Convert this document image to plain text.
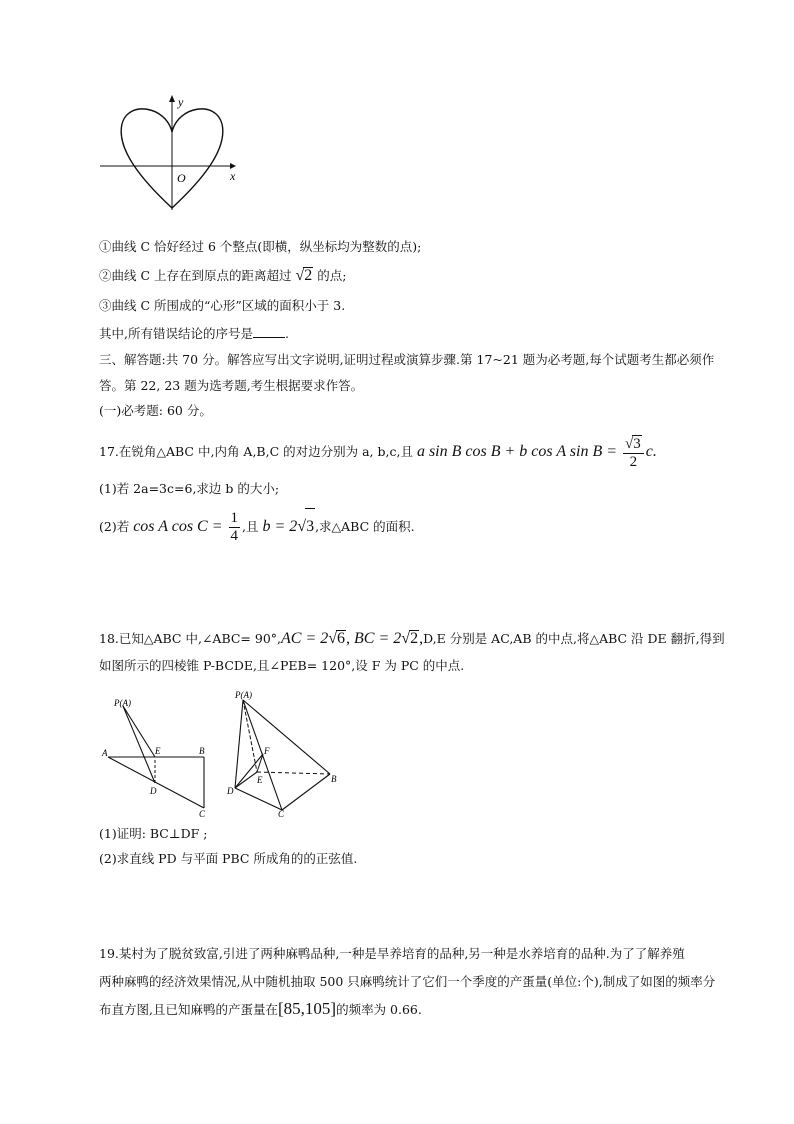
y
x
O
①曲线 C 恰好经过 6 个整点(即横，纵坐标均为整数的点);
②曲线 C 上存在到原点的距离超过 √2 的点;
③曲线 C 所围成的“心形”区域的面积小于 3.
其中,所有错误结论的序号是	.
三、解答题:共 70 分。解答应写出文字说明,证明过程或演算步骤.第 17~21 题为必考题,每个试题考生都必须作
答。第 22, 23 题为选考题,考生根据要求作答。
(一)必考题: 60 分。
17.在锐角△ABC 中,内角 A,B,C 的对边分别为 a, b,c,且 a sin B cos B + b cos A $\sin B = \frac{√3}{2} c$.
(1)若 2a=3c=6,求边 b 的大小;
(2)若 cos A $\cos C = \frac{1}{4}$ ,且 b = 2√3,求△ABC 的面积.
18.已知△ABC 中,∠ABC= 90°,AC = 2√6, BC = 2√2,D,E 分别是 AC,AB 的中点,将△ABC 沿 DE 翻折,得到
如图所示的四棱锥 P-BCDE,且∠PEB= 120°,设 F 为 PC 的中点.
P(A)
A	E	B
D
C
P(A)
F
E
D
B
C
(1)证明: BC⊥DF ;
(2)求直线 PD 与平面 PBC 所成角的的正弦值.
19.某村为了脱贫致富,引进了两种麻鸭品种,一种是旱养培育的品种,另一种是水养培育的品种.为了了解养殖
两种麻鸭的经济效果情况,从中随机抽取 500 只麻鸭统计了它们一个季度的产蛋量(单位:个),制成了如图的频率分
布直方图,且已知麻鸭的产蛋量在[85,105]的频率为 0.66.
